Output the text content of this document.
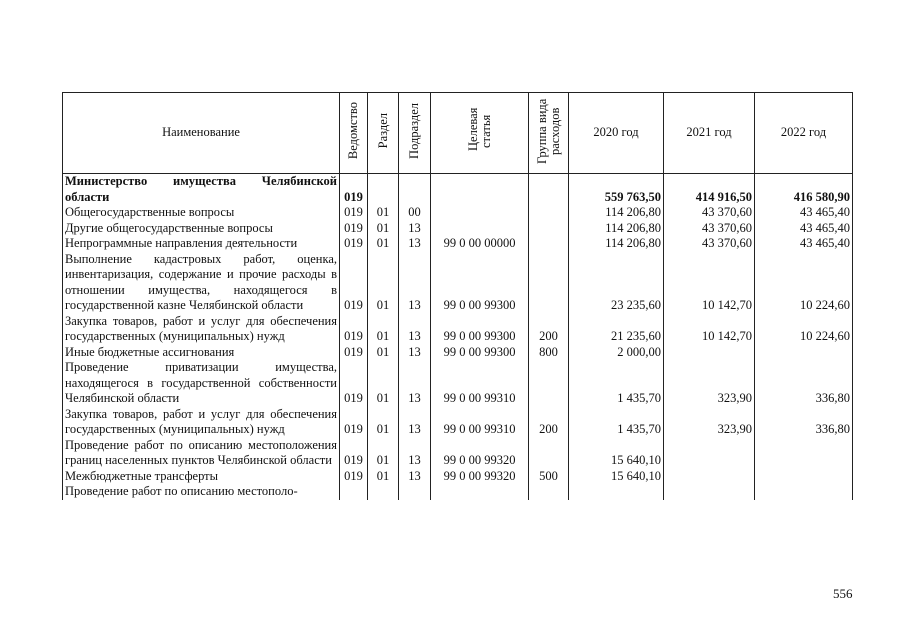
Наименование	Ведомство	Раздел	Подраздел	Целевая статья	Группа вида расходов	2020 год	2021 год	2022 год
Министерство имущества Челябинской области	019					559 763,50	414 916,50	416 580,90
Общегосударственные вопросы	019	01	00			114 206,80	43 370,60	43 465,40
Другие общегосударственные вопросы	019	01	13			114 206,80	43 370,60	43 465,40
Непрограммные направления деятельности	019	01	13	99 0 00 00000		114 206,80	43 370,60	43 465,40
Выполнение кадастровых работ, оценка, инвентаризация, содержание и прочие расходы в отношении имущества, находящегося в государственной казне Челябинской области	019	01	13	99 0 00 99300		23 235,60	10 142,70	10 224,60
Закупка товаров, работ и услуг для обеспечения государственных (муниципальных) нужд	019	01	13	99 0 00 99300	200	21 235,60	10 142,70	10 224,60
Иные бюджетные ассигнования	019	01	13	99 0 00 99300	800	2 000,00		
Проведение приватизации имущества, находящегося в государственной собственности Челябинской области	019	01	13	99 0 00 99310		1 435,70	323,90	336,80
Закупка товаров, работ и услуг для обеспечения государственных (муниципальных) нужд	019	01	13	99 0 00 99310	200	1 435,70	323,90	336,80
Проведение работ по описанию местоположения границ населенных пунктов Челябинской области	019	01	13	99 0 00 99320		15 640,10		
Межбюджетные трансферты	019	01	13	99 0 00 99320	500	15 640,10		
Проведение работ по описанию местополо-								
556
